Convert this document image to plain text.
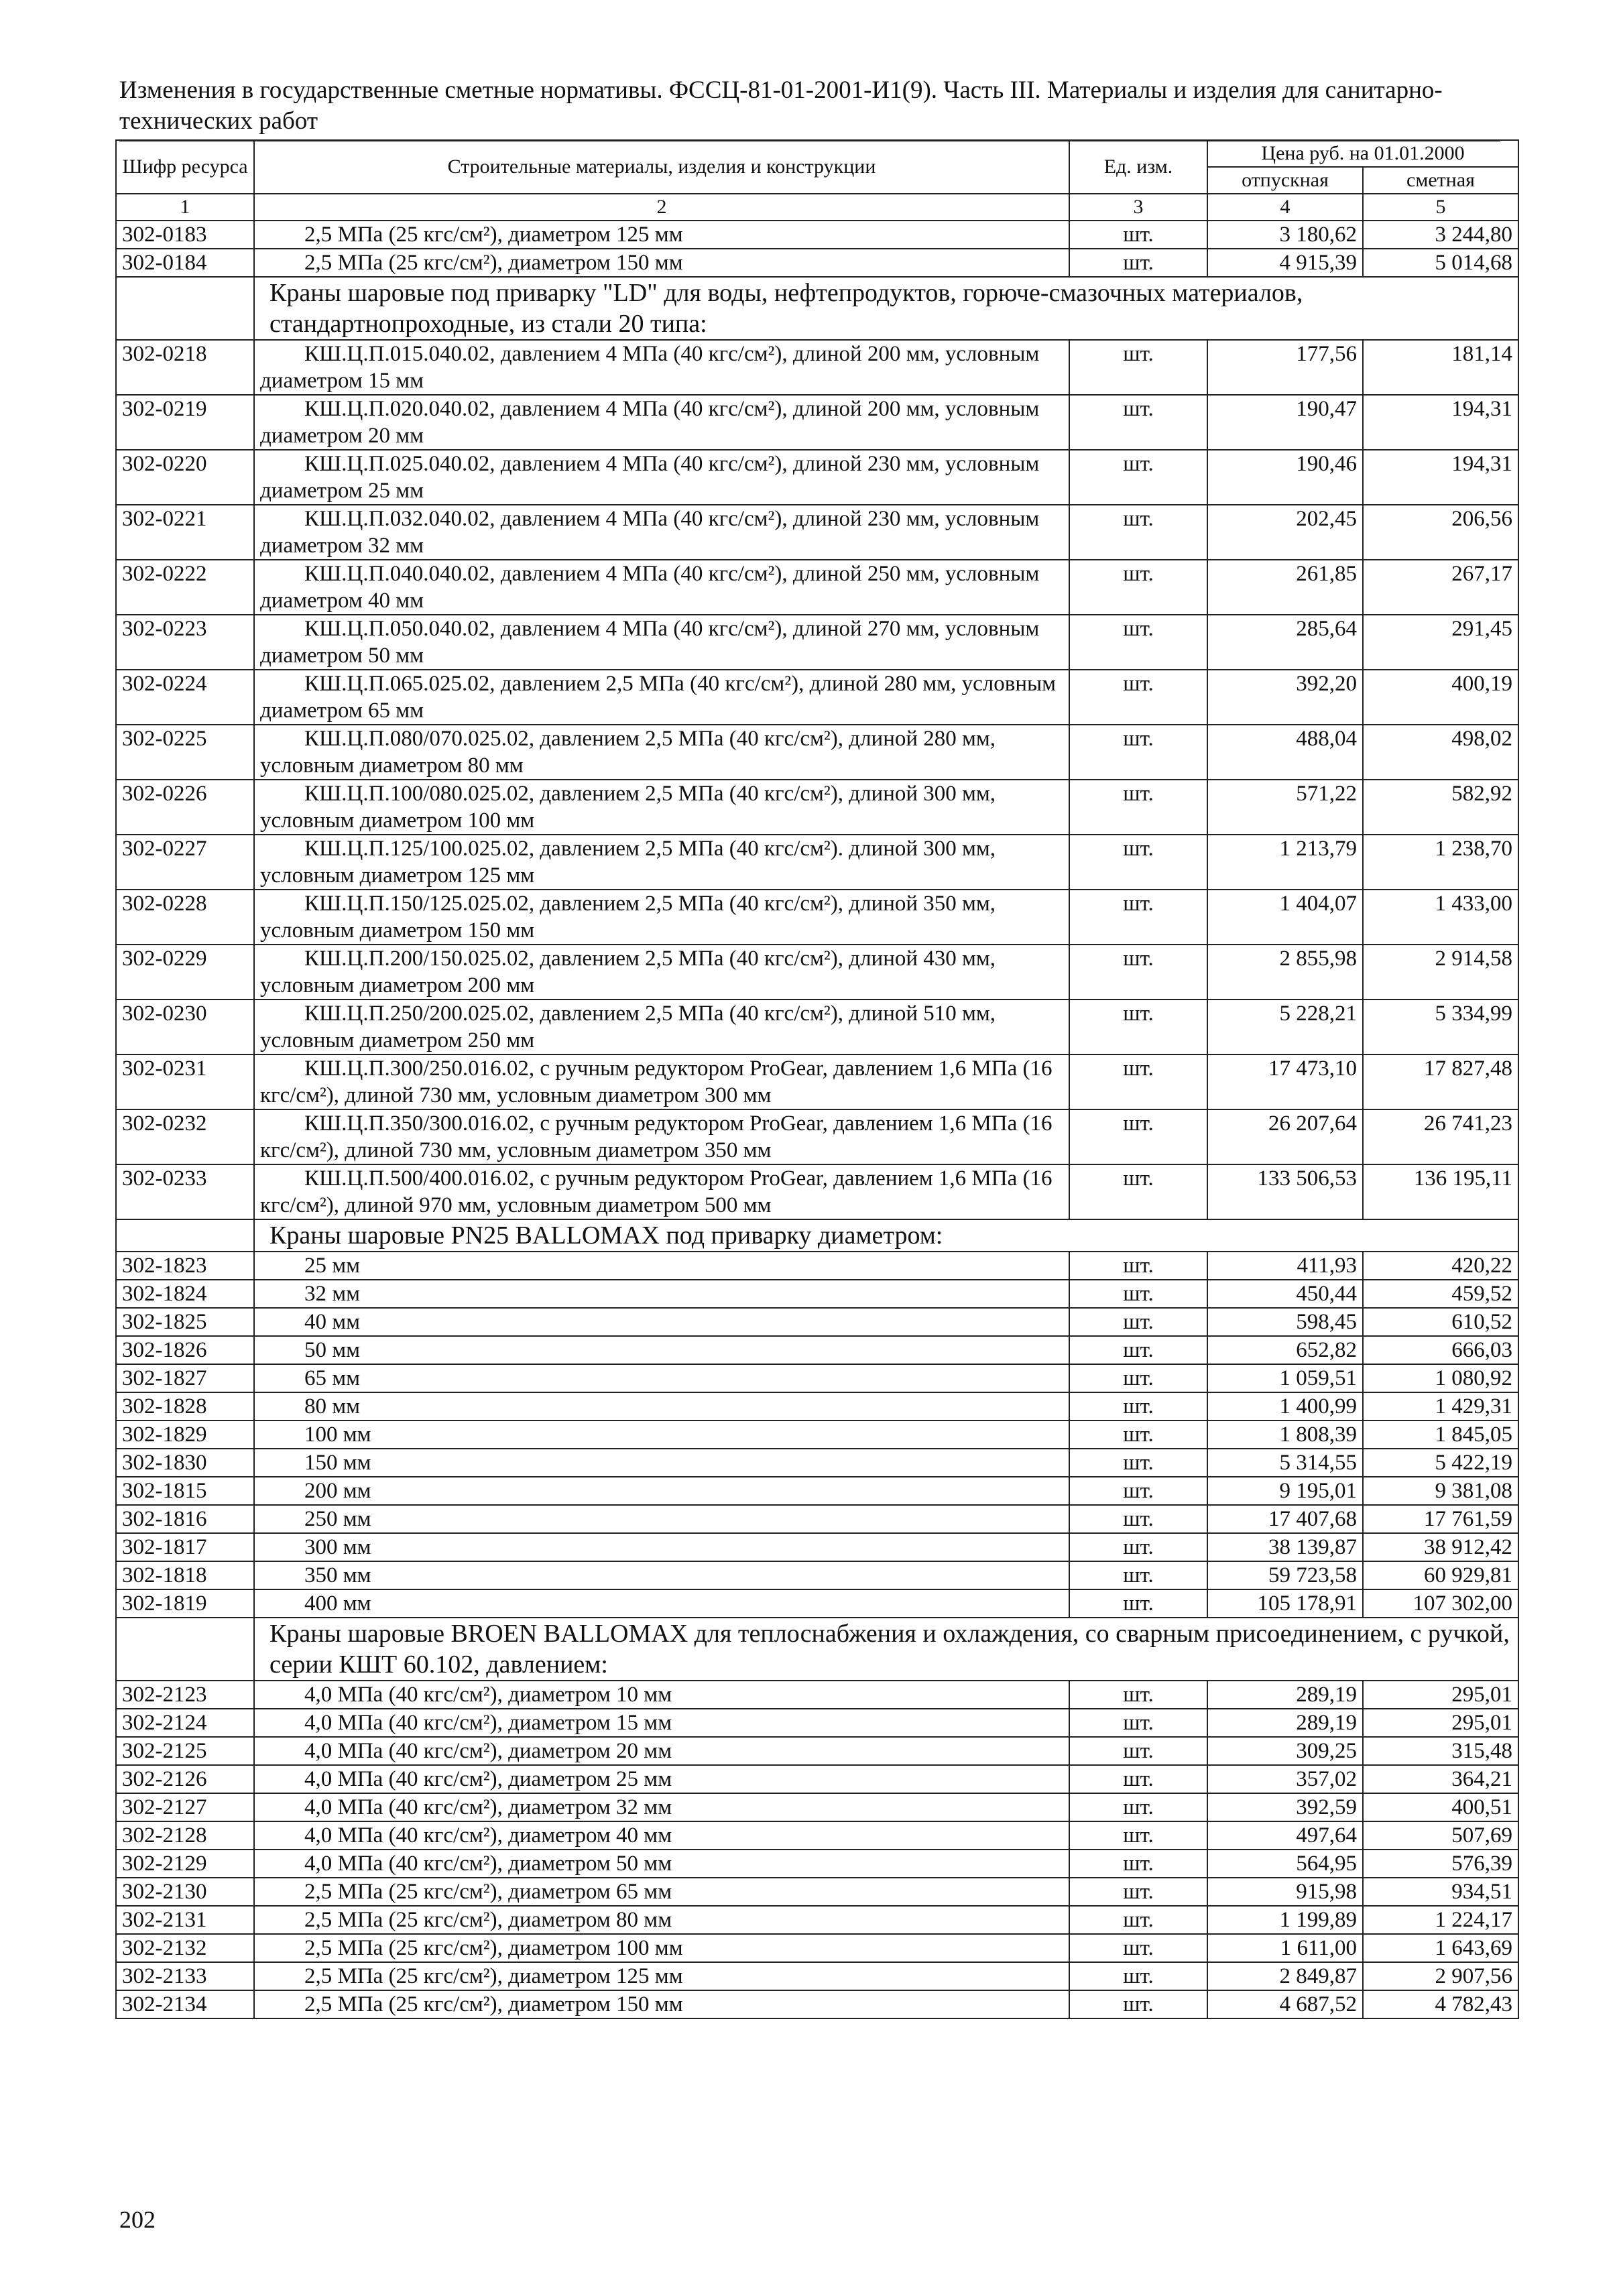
Изменения в государственные сметные нормативы. ФССЦ-81-01-2001-И1(9). Часть III. Материалы и изделия для санитарно-технических работ
Шифр ресурса	Строительные материалы, изделия и конструкции	Ед. изм.	Цена руб. на 01.01.2000	
			отпускная	сметная
1	2	3	4	5
302-0183	2,5 МПа (25 кгс/см²), диаметром 125 мм	шт.	3 180,62	3 244,80
302-0184	2,5 МПа (25 кгс/см²), диаметром 150 мм	шт.	4 915,39	5 014,68
	Краны шаровые под приварку "LD" для воды, нефтепродуктов, горюче-смазочных материалов, стандартнопроходные, из стали 20 типа:			
302-0218	КШ.Ц.П.015.040.02, давлением 4 МПа (40 кгс/см²), длиной 200 мм, условным диаметром 15 мм	шт.	177,56	181,14
302-0219	КШ.Ц.П.020.040.02, давлением 4 МПа (40 кгс/см²), длиной 200 мм, условным диаметром 20 мм	шт.	190,47	194,31
302-0220	КШ.Ц.П.025.040.02, давлением 4 МПа (40 кгс/см²), длиной 230 мм, условным диаметром 25 мм	шт.	190,46	194,31
302-0221	КШ.Ц.П.032.040.02, давлением 4 МПа (40 кгс/см²), длиной 230 мм, условным диаметром 32 мм	шт.	202,45	206,56
302-0222	КШ.Ц.П.040.040.02, давлением 4 МПа (40 кгс/см²), длиной 250 мм, условным диаметром 40 мм	шт.	261,85	267,17
302-0223	КШ.Ц.П.050.040.02, давлением 4 МПа (40 кгс/см²), длиной 270 мм, условным диаметром 50 мм	шт.	285,64	291,45
302-0224	КШ.Ц.П.065.025.02, давлением 2,5 МПа (40 кгс/см²), длиной 280 мм, условным диаметром 65 мм	шт.	392,20	400,19
302-0225	КШ.Ц.П.080/070.025.02, давлением 2,5 МПа (40 кгс/см²), длиной 280 мм, условным диаметром 80 мм	шт.	488,04	498,02
302-0226	КШ.Ц.П.100/080.025.02, давлением 2,5 МПа (40 кгс/см²), длиной 300 мм, условным диаметром 100 мм	шт.	571,22	582,92
302-0227	КШ.Ц.П.125/100.025.02, давлением 2,5 МПа (40 кгс/см²). длиной 300 мм, условным диаметром 125 мм	шт.	1 213,79	1 238,70
302-0228	КШ.Ц.П.150/125.025.02, давлением 2,5 МПа (40 кгс/см²), длиной 350 мм, условным диаметром 150 мм	шт.	1 404,07	1 433,00
302-0229	КШ.Ц.П.200/150.025.02, давлением 2,5 МПа (40 кгс/см²), длиной 430 мм, условным диаметром 200 мм	шт.	2 855,98	2 914,58
302-0230	КШ.Ц.П.250/200.025.02, давлением 2,5 МПа (40 кгс/см²), длиной 510 мм, условным диаметром 250 мм	шт.	5 228,21	5 334,99
302-0231	КШ.Ц.П.300/250.016.02, с ручным редуктором ProGear, давлением 1,6 МПа (16 кгс/см²), длиной 730 мм, условным диаметром 300 мм	шт.	17 473,10	17 827,48
302-0232	КШ.Ц.П.350/300.016.02, с ручным редуктором ProGear, давлением 1,6 МПа (16 кгс/см²), длиной 730 мм, условным диаметром 350 мм	шт.	26 207,64	26 741,23
302-0233	КШ.Ц.П.500/400.016.02, с ручным редуктором ProGear, давлением 1,6 МПа (16 кгс/см²), длиной 970 мм, условным диаметром 500 мм	шт.	133 506,53	136 195,11
	Краны шаровые PN25 BALLOMAX под приварку диаметром:			
302-1823	25 мм	шт.	411,93	420,22
302-1824	32 мм	шт.	450,44	459,52
302-1825	40 мм	шт.	598,45	610,52
302-1826	50 мм	шт.	652,82	666,03
302-1827	65 мм	шт.	1 059,51	1 080,92
302-1828	80 мм	шт.	1 400,99	1 429,31
302-1829	100 мм	шт.	1 808,39	1 845,05
302-1830	150 мм	шт.	5 314,55	5 422,19
302-1815	200 мм	шт.	9 195,01	9 381,08
302-1816	250 мм	шт.	17 407,68	17 761,59
302-1817	300 мм	шт.	38 139,87	38 912,42
302-1818	350 мм	шт.	59 723,58	60 929,81
302-1819	400 мм	шт.	105 178,91	107 302,00
	Краны шаровые BROEN BALLOMAX для теплоснабжения и охлаждения, со сварным присоединением, с ручкой, серии КШТ 60.102, давлением:			
302-2123	4,0 МПа (40 кгс/см²), диаметром 10 мм	шт.	289,19	295,01
302-2124	4,0 МПа (40 кгс/см²), диаметром 15 мм	шт.	289,19	295,01
302-2125	4,0 МПа (40 кгс/см²), диаметром 20 мм	шт.	309,25	315,48
302-2126	4,0 МПа (40 кгс/см²), диаметром 25 мм	шт.	357,02	364,21
302-2127	4,0 МПа (40 кгс/см²), диаметром 32 мм	шт.	392,59	400,51
302-2128	4,0 МПа (40 кгс/см²), диаметром 40 мм	шт.	497,64	507,69
302-2129	4,0 МПа (40 кгс/см²), диаметром 50 мм	шт.	564,95	576,39
302-2130	2,5 МПа (25 кгс/см²), диаметром 65 мм	шт.	915,98	934,51
302-2131	2,5 МПа (25 кгс/см²), диаметром 80 мм	шт.	1 199,89	1 224,17
302-2132	2,5 МПа (25 кгс/см²), диаметром 100 мм	шт.	1 611,00	1 643,69
302-2133	2,5 МПа (25 кгс/см²), диаметром 125 мм	шт.	2 849,87	2 907,56
302-2134	2,5 МПа (25 кгс/см²), диаметром 150 мм	шт.	4 687,52	4 782,43
202
